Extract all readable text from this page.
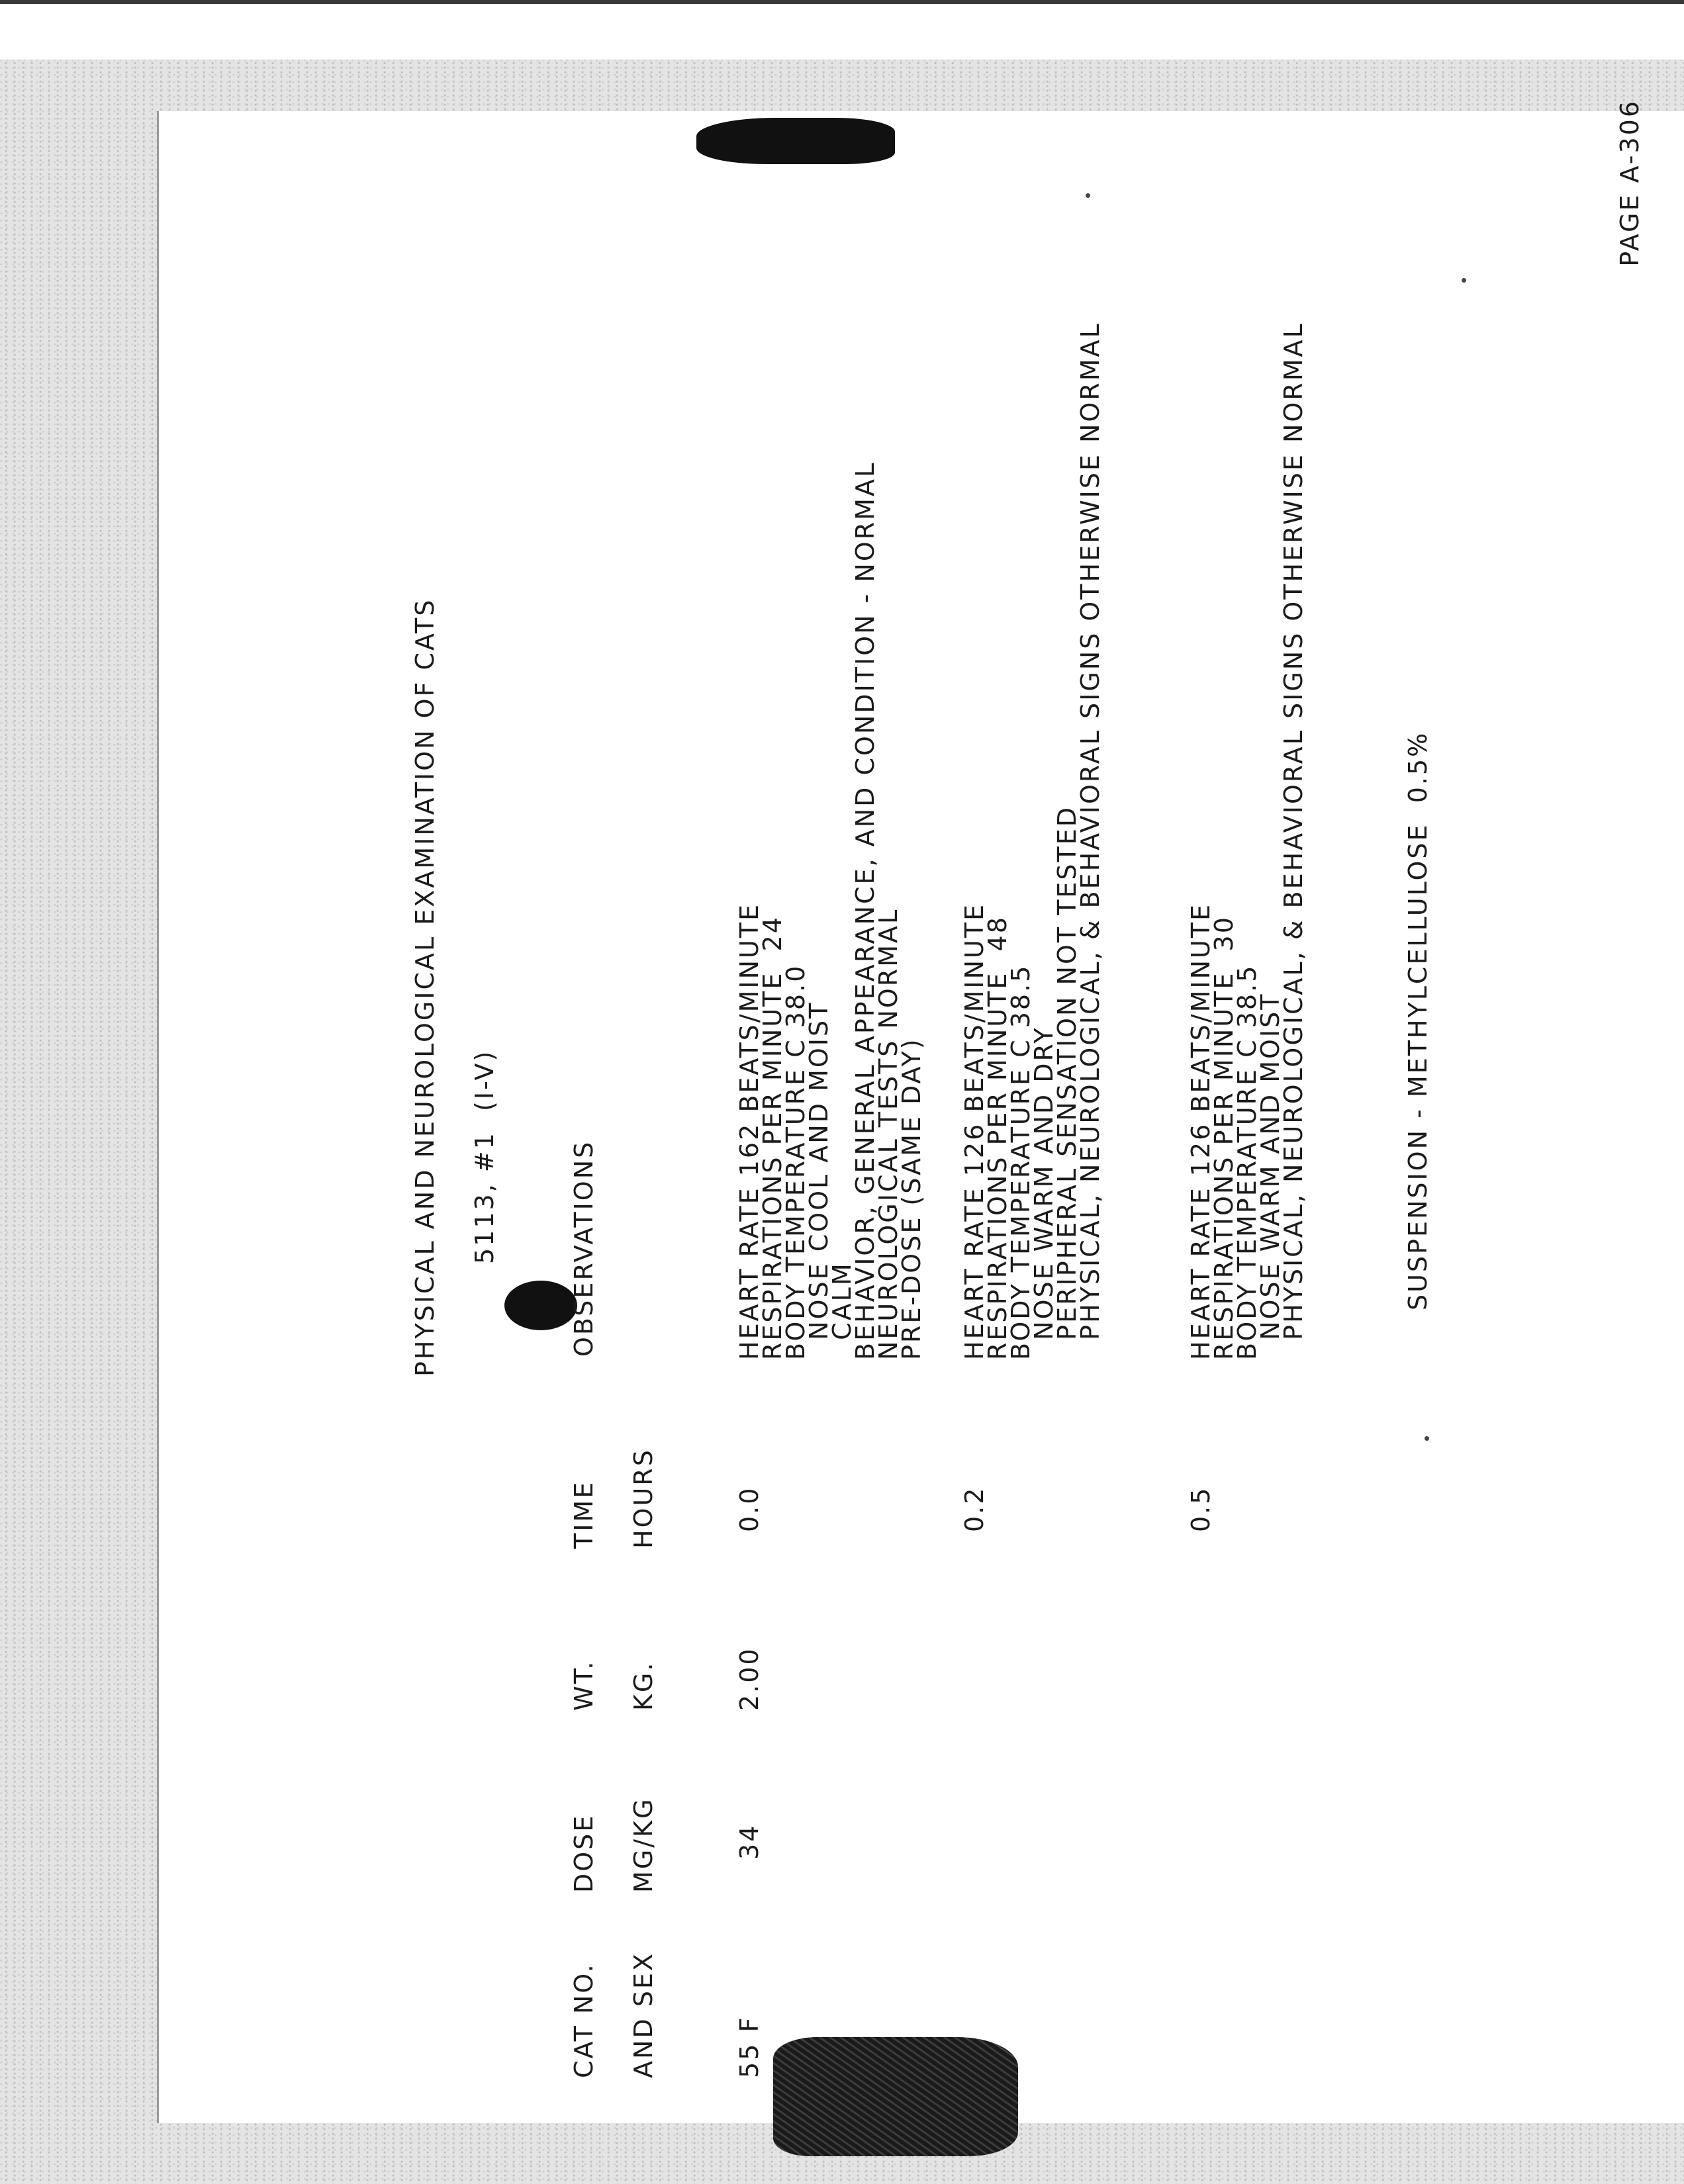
PAGE A-306

PHYSICAL AND NEUROLOGICAL EXAMINATION OF CATS

5113, #1  (I-V)

CAT NO.

AND SEX

DOSE

MG/KG

WT.

KG.

TIME

HOURS

OBSERVATIONS

55 F

34

2.00

0.0

HEART RATE 162 BEATS/MINUTE

RESPIRATIONS PER MINUTE  24

BODY TEMPERATURE C 38.0

NOSE COOL AND MOIST

CALM

BEHAVIOR, GENERAL APPEARANCE, AND CONDITION - NORMAL

NEUROLOGICAL TESTS NORMAL

PRE-DOSE (SAME DAY)

0.2

HEART RATE 126 BEATS/MINUTE

RESPIRATIONS PER MINUTE  48

BODY TEMPERATURE C 38.5

NOSE WARM AND DRY

PERIPHERAL SENSATION NOT TESTED

PHYSICAL, NEUROLOGICAL, & BEHAVIORAL SIGNS OTHERWISE NORMAL

0.5

HEART RATE 126 BEATS/MINUTE

RESPIRATIONS PER MINUTE  30

BODY TEMPERATURE C 38.5

NOSE WARM AND MOIST

PHYSICAL, NEUROLOGICAL, & BEHAVIORAL SIGNS OTHERWISE NORMAL

	SUSPENSION - METHYLCELLULOSE  0.5%
